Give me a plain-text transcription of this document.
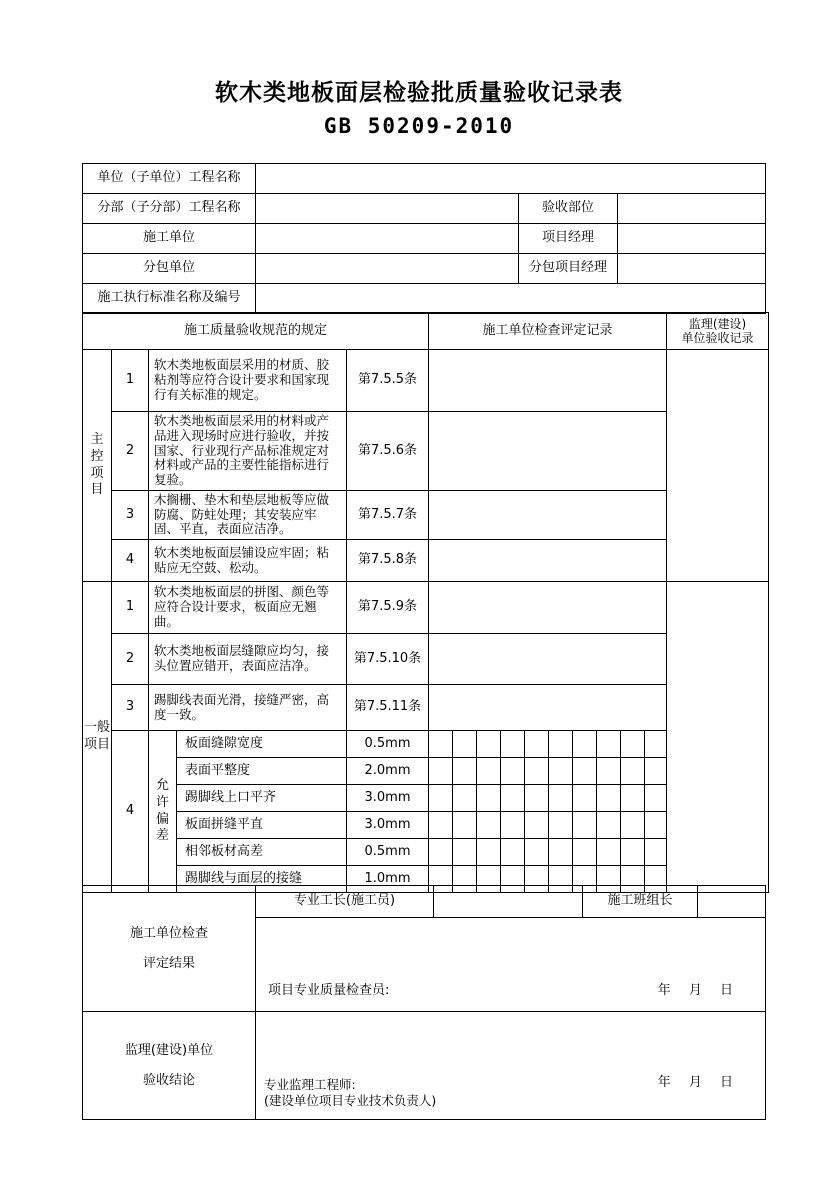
软木类地板面层检验批质量验收记录表
GB 50209-2010
单位（子单位）工程名称			
分部（子分部）工程名称		验收部位	
施工单位		项目经理	
分包单位		分包项目经理	
施工执行标准名称及编号			
施工质量验收规范的规定					施工单位检查评定记录										监理(建设)
单位验收记录
主控项目	1	软木类地板面层采用的材质、胶粘剂等应符合设计要求和国家现行有关标准的规定。		第7.5.5条											
	2	软木类地板面层采用的材料或产品进入现场时应进行验收，并按国家、行业现行产品标准规定对材料或产品的主要性能指标进行复验。		第7.5.6条											
	3	木搁栅、垫木和垫层地板等应做防腐、防蛀处理；其安装应牢固、平直，表面应洁净。		第7.5.7条											
	4	软木类地板面层铺设应牢固；粘贴应无空鼓、松动。		第7.5.8条											
一般项目	1	软木类地板面层的拼图、颜色等应符合设计要求，板面应无翘曲。		第7.5.9条											
	2	软木类地板面层缝隙应均匀，接头位置应错开，表面应洁净。		第7.5.10条											
	3	踢脚线表面光滑，接缝严密，高度一致。		第7.5.11条											
	4	允许偏差	板面缝隙宽度	0.5mm											
			表面平整度	2.0mm											
			踢脚线上口平齐	3.0mm											
			板面拼缝平直	3.0mm											
			相邻板材高差	0.5mm											
			踢脚线与面层的接缝	1.0mm											
施工单位检查
评定结果	专业工长(施工员)		施工班组长	

项目专业质量检查员:	年 月 日
监理(建设)单位
验收结论	专业监理工程师:
(建设单位项目专业技术负责人)
年 月 日
